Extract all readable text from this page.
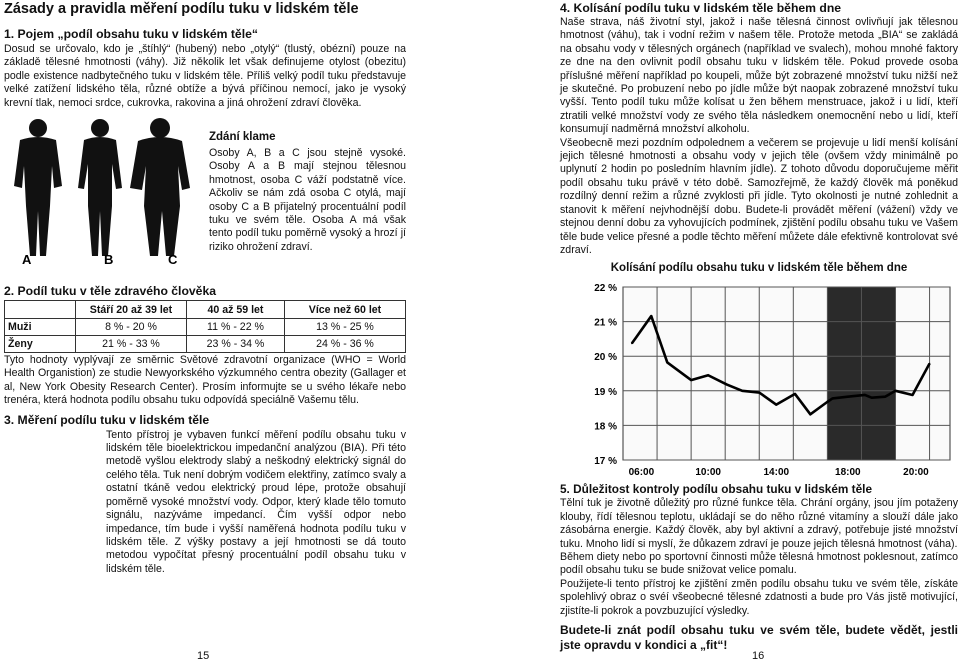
Zásady a pravidla měření podílu tuku v lidském těle
1. Pojem „podíl obsahu tuku v lidském těle“

Dosud se určovalo, kdo je „štíhlý“ (hubený) nebo „otylý“ (tlustý, obézní) pouze na základě tělesné hmotnosti (váhy). Již několik let však definujeme otylost (obezitu) podle existence nadbytečného tuku v lidském těle. Příliš velký podíl tuku představuje velké zatížení lidského těla, různé obtíže a bývá příčinou nemocí, jako je vysoký krevní tlak, nemoci srdce, cukrovka, rakovina a jiná ohrožení zdraví člověka.

A	B	C
Zdání klame

Osoby A, B a C jsou stejně vysoké. Osoby A a B mají stejnou tělesnou hmotnost, osoba C váží podstatně více. Ačkoliv se nám zdá osoba C otylá, mají osoby C a B přijatelný procentuální podíl tuku ve svém těle. Osoba A má však tento podíl tuku poměrně vysoký a hrozí jí riziko ohrožení zdraví.

2. Podíl tuku v těle zdravého člověka
	Stáří 20 až 39 let	40 až 59 let	Více než 60 let
Muži	8 % - 20 %	11 % - 22 %	13 % - 25 %
Ženy	21 % - 33 %	23 % - 34 %	24 % - 36 %

Tyto hodnoty vyplývají ze směrnic Světové zdravotní organizace (WHO = World Health Organistion) ze studie Newyorkského výzkumného centra obezity (Gallager et al, New York Obesity Research Center). Prosím informujte se u svého lékaře nebo trenéra, která hodnota podílu obsahu tuku odpovídá speciálně Vašemu tělu.

3. Měření podílu tuku v lidském těle

Tento přístroj je vybaven funkcí měření podílu obsahu tuku v lidském těle bioelektrickou impedanční analýzou (BIA). Při této metodě vyšlou elektrody slabý a neškodný elektrický signál do celého těla. Tuk není dobrým vodičem elektřiny, zatímco svaly a ostatní tkáně vedou elektrický proud lépe, protože obsahují poměrně vysoké množství vody. Odpor, který klade tělo tomuto signálu, nazýváme impedancí. Čím vyšší odpor nebo impedance, tím bude i vyšší naměřená hodnota podílu tuku v lidském těle. Z výšky postavy a její hmotnosti se dá touto metodou vypočítat přesný procentuální podíl obsahu tuku v lidském těle.

15
4. Kolísání podílu tuku v lidském těle během dne

Naše strava, náš životní styl, jakož i naše tělesná činnost ovlivňují jak tělesnou hmotnost (váhu), tak i vodní režim v našem těle. Protože metoda „BIA“ se zakládá na obsahu vody v tělesných orgánech (například ve svalech), mohou mnohé faktory ze dne na den ovlivnit podíl obsahu tuku v lidském těle. Pokud provede osoba příslušné měření například po koupeli, může být zobrazené množství tuku nižší než je skutečné. Po probuzení nebo po jídle může být naopak zobrazené množství tuku vyšší. Tento podíl tuku může kolísat u žen během menstruace, jakož i u lidí, kteří ztratili velké množství vody ze svého těla následkem onemocnění nebo u lidí, kteří konsumují nadměrná množství alkoholu.

Všeobecně mezi pozdním odpolednem a večerem se projevuje u lidí menší kolísání jejich tělesné hmotnosti a obsahu vody v jejich těle (ovšem vždy minimálně po uplynutí 2 hodin po posledním hlavním jídle). Z tohoto důvodu doporučujeme měřit podíl obsahu tuku právě v této době. Samozřejmě, že každý člověk má poněkud rozdílný denní režim a různé zvyklosti při jídle. Tyto okolnosti je nutné zohlednit a stanovit k měření nejvhodnější dobu. Budete-li provádět měření (vážení) vždy ve stejnou denní dobu za vyhovujících podmínek, zjištění podílu obsahu tuku ve Vašem těle bude velice přesné a podle těchto měření můžete dále efektivně kontrolovat své zdraví.

Kolísání podílu obsahu tuku v lidském těle během dne
17 %
18 %
19 %
20 %
21 %
22 %
06:00	10:00	14:00	18:00	20:00
5. Důležitost kontroly podílu obsahu tuku v lidském těle

Tělní tuk je životně důležitý pro různé funkce těla. Chrání orgány, jsou jím potaženy klouby, řídí tělesnou teplotu, ukládají se do něho různé vitamíny a slouží dále jako zásobárna energie. Každý člověk, aby byl aktivní a zdravý, potřebuje jisté množství tuku. Mnoho lidí si myslí, že důkazem zdraví je pouze jejich tělesná hmotnost (váha).

Během diety nebo po sportovní činnosti může tělesná hmotnost poklesnout, zatímco podíl obsahu tuku se bude snižovat velice pomalu.

Použijete-li tento přístroj ke zjištění změn podílu obsahu tuku ve svém těle, získáte spolehlivý obraz o svéí všeobecné tělesné zdatnosti a bude pro Vás jistě motivující, zjistíte-li pokrok a povzbuzující výsledky.

Budete-li znát podíl obsahu tuku ve svém těle, budete vědět, jestli jste opravdu v kondici a „fit“!

16
